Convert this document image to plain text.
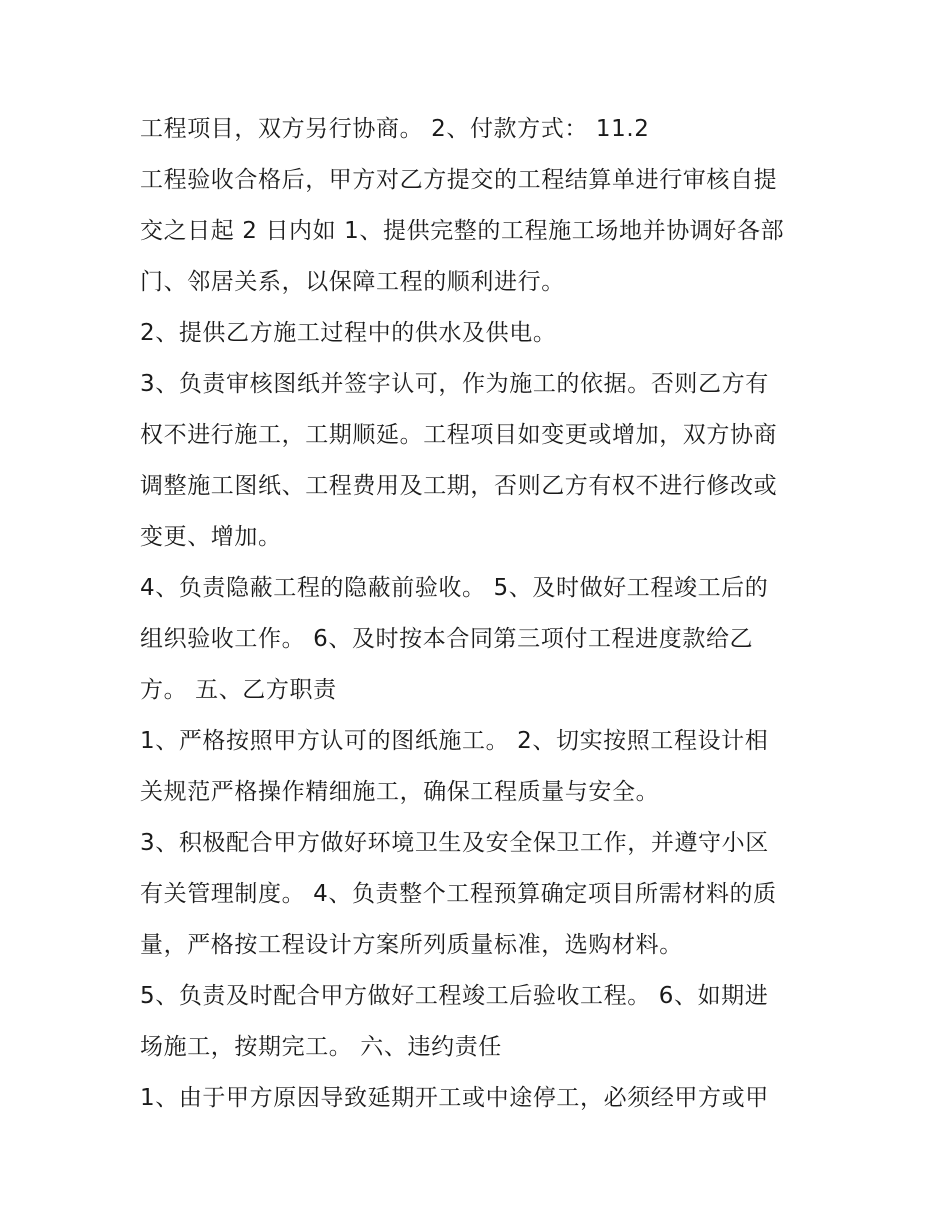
工程项目，双方另行协商。 2、付款方式： 11.2
工程验收合格后，甲方对乙方提交的工程结算单进行审核自提
交之日起 2 日内如 1、提供完整的工程施工场地并协调好各部
门、邻居关系，以保障工程的顺利进行。
2、提供乙方施工过程中的供水及供电。
3、负责审核图纸并签字认可，作为施工的依据。否则乙方有
权不进行施工，工期顺延。工程项目如变更或增加，双方协商
调整施工图纸、工程费用及工期，否则乙方有权不进行修改或
变更、增加。
4、负责隐蔽工程的隐蔽前验收。 5、及时做好工程竣工后的
组织验收工作。 6、及时按本合同第三项付工程进度款给乙
方。 五、乙方职责
1、严格按照甲方认可的图纸施工。 2、切实按照工程设计相
关规范严格操作精细施工，确保工程质量与安全。
3、积极配合甲方做好环境卫生及安全保卫工作，并遵守小区
有关管理制度。 4、负责整个工程预算确定项目所需材料的质
量，严格按工程设计方案所列质量标准，选购材料。
5、负责及时配合甲方做好工程竣工后验收工程。 6、如期进
场施工，按期完工。 六、违约责任
1、由于甲方原因导致延期开工或中途停工，必须经甲方或甲
